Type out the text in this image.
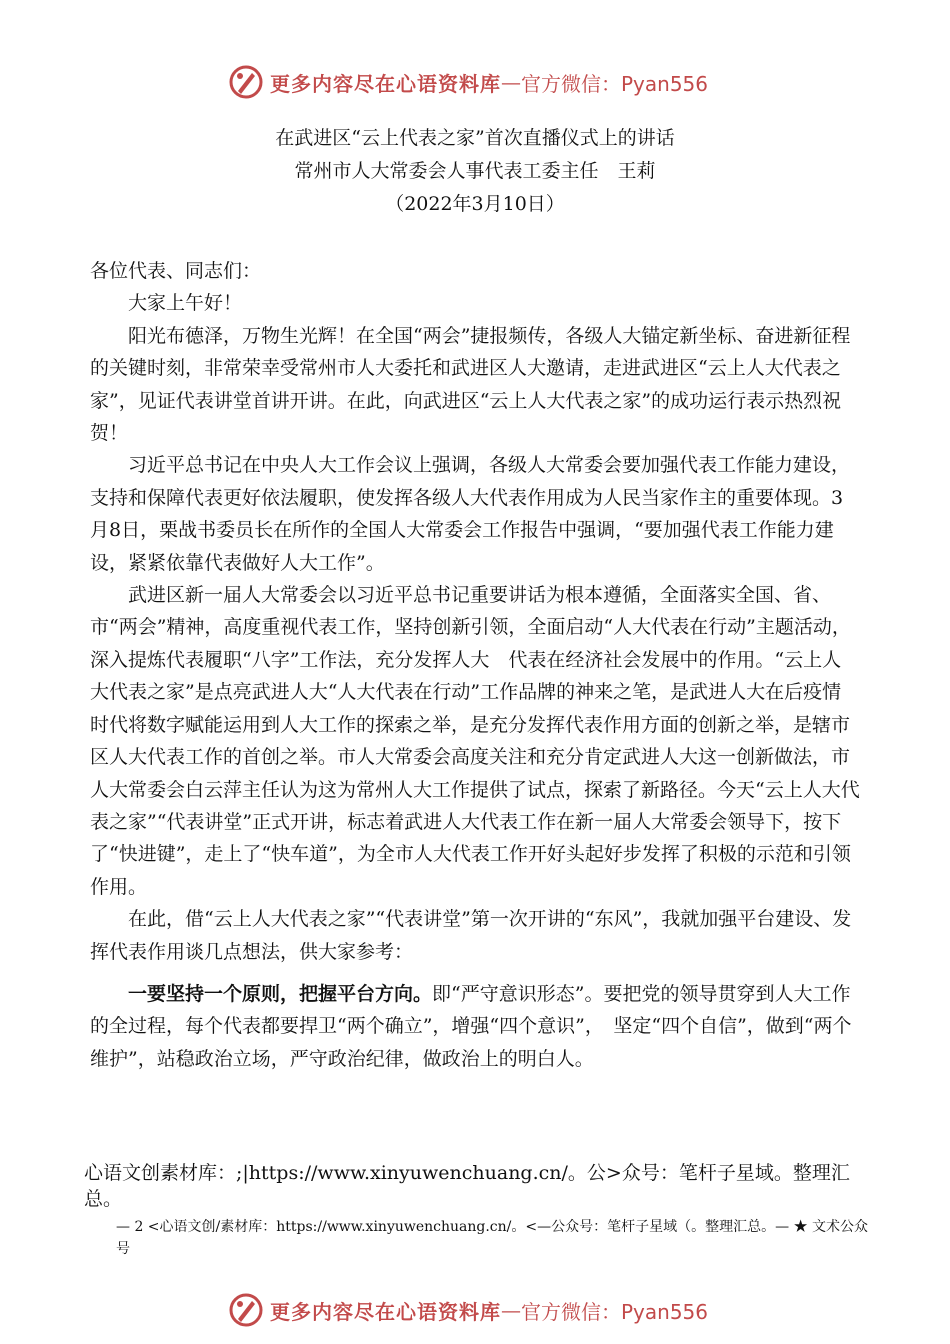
更多内容尽在心语资料库 — 官方微信：Pyan556
在武进区“云上代表之家”首次直播仪式上的讲话
常州市人大常委会人事代表工委主任　王莉
（2022年3月10日）

各位代表、同志们：

大家上午好！

阳光布德泽，万物生光辉！在全国“两会”捷报频传，各级人大锚定新坐标、奋进新征程的关键时刻，非常荣幸受常州市人大委托和武进区人大邀请，走进武进区“云上人大代表之家”，见证代表讲堂首讲开讲。在此，向武进区“云上人大代表之家”的成功运行表示热烈祝贺！

习近平总书记在中央人大工作会议上强调，各级人大常委会要加强代表工作能力建设，支持和保障代表更好依法履职，使发挥各级人大代表作用成为人民当家作主的重要体现。3月8日，栗战书委员长在所作的全国人大常委会工作报告中强调，“要加强代表工作能力建设，紧紧依靠代表做好人大工作”。

武进区新一届人大常委会以习近平总书记重要讲话为根本遵循，全面落实全国、省、市“两会”精神，高度重视代表工作，坚持创新引领，全面启动“人大代表在行动”主题活动，深入提炼代表履职“八字”工作法，充分发挥人大　代表在经济社会发展中的作用。“云上人大代表之家”是点亮武进人大“人大代表在行动”工作品牌的神来之笔，是武进人大在后疫情时代将数字赋能运用到人大工作的探索之举，是充分发挥代表作用方面的创新之举，是辖市区人大代表工作的首创之举。市人大常委会高度关注和充分肯定武进人大这一创新做法，市人大常委会白云萍主任认为这为常州人大工作提供了试点，探索了新路径。今天“云上人大代表之家”“代表讲堂”正式开讲，标志着武进人大代表工作在新一届人大常委会领导下，按下了“快进键”，走上了“快车道”，为全市人大代表工作开好头起好步发挥了积极的示范和引领作用。

在此，借“云上人大代表之家”“代表讲堂”第一次开讲的“东风”，我就加强平台建设、发挥代表作用谈几点想法，供大家参考：

一要坚持一个原则，把握平台方向。即“严守意识形态”。要把党的领导贯穿到人大工作的全过程，每个代表都要捍卫“两个确立”，增强“四个意识”，　坚定“四个自信”，做到“两个维护”，站稳政治立场，严守政治纪律，做政治上的明白人。

心语文创素材库：;|https://www.xinyuwenchuang.cn/。公>众号：笔杆子星域。整理汇总。
— 2 <心语文创/素材库：https://www.xinyuwenchuang.cn/。<—公众号：笔杆子星域（。整理汇总。— ★ 文术公众号
更多内容尽在心语资料库 — 官方微信：Pyan556
